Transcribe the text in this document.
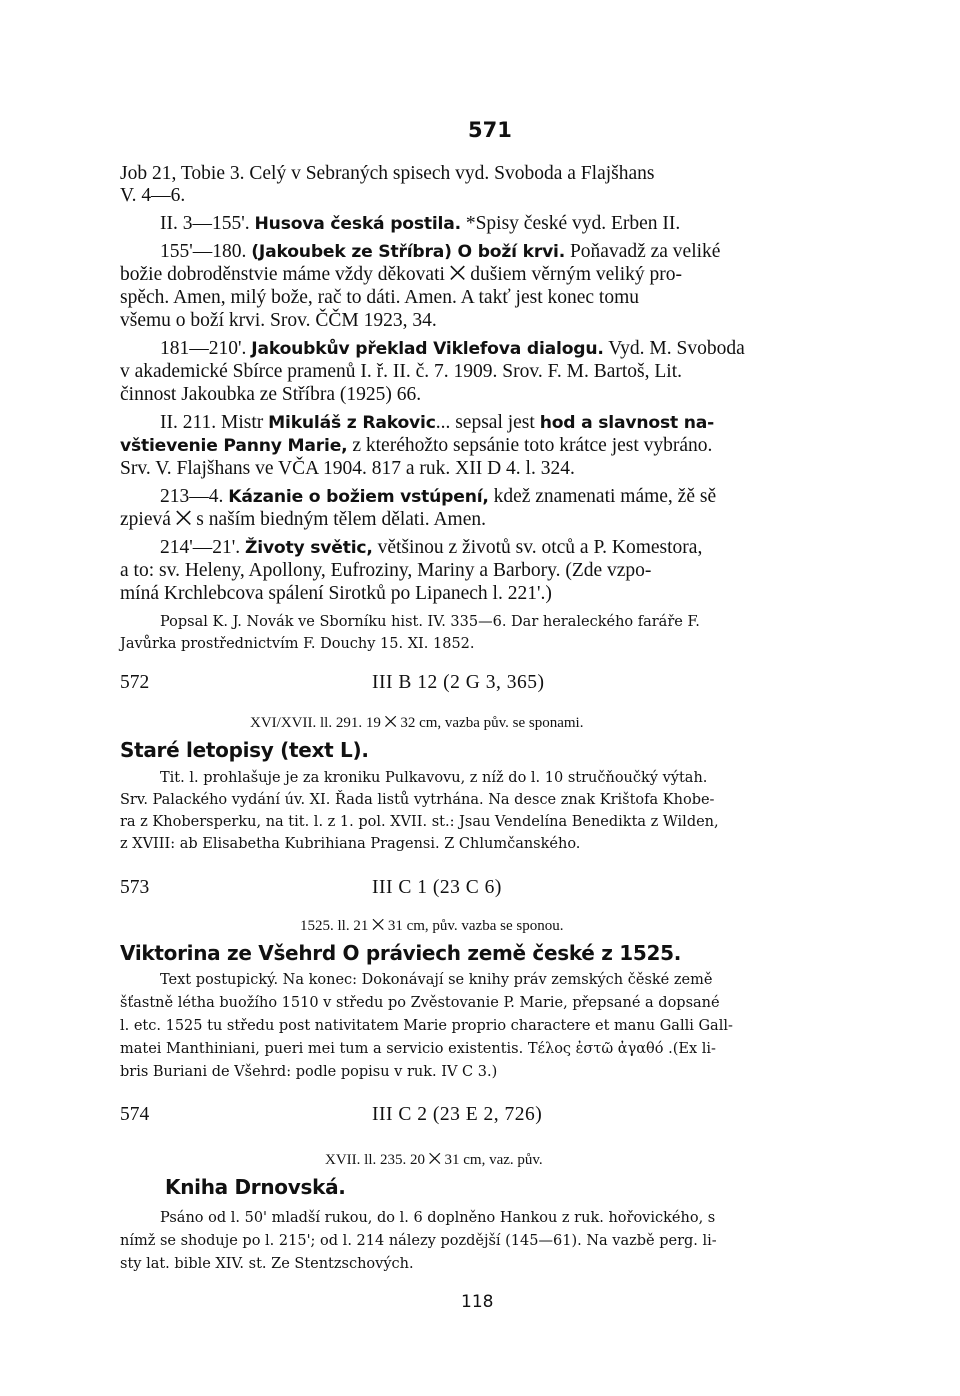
571
Job 21, Tobie 3. Celý v Sebraných spisech vyd. Svoboda a Flajšhans
V. 4—6.
II. 3—155'. Husova česká postila. *Spisy české vyd. Erben II.
155'—180. (Jakoubek ze Stříbra) O boží krvi. Poňavadž za veliké
božie dobroděnstvie máme vždy děkovati ⨉ dušiem věrným veliký pro-
spěch. Amen, milý bože, rač to dáti. Amen. A takť jest konec tomu
všemu o boží krvi. Srov. ČČM 1923, 34.
181—210'. Jakoubkův překlad Viklefova dialogu. Vyd. M. Svoboda
v akademické Sbírce pramenů I. ř. II. č. 7. 1909. Srov. F. M. Bartoš, Lit.
činnost Jakoubka ze Stříbra (1925) 66.
II. 211. Mistr Mikuláš z Rakovic... sepsal jest hod a slavnost na-
vštievenie Panny Marie, z kteréhožto sepsánie toto krátce jest vybráno.
Srv. V. Flajšhans ve VČA 1904. 817 a ruk. XII D 4. l. 324.
213—4. Kázanie o božiem vstúpení, kdež znamenati máme, žě sě
zpievá ⨉ s naším biedným tělem dělati. Amen.
214'—21'. Životy světic, většinou z životů sv. otců a P. Komestora,
a to: sv. Heleny, Apollony, Eufroziny, Mariny a Barbory. (Zde vzpo-
míná Krchlebcova spálení Sirotků po Lipanech l. 221'.)
Popsal K. J. Novák ve Sborníku hist. IV. 335—6. Dar heraleckého faráře F.
Javůrka prostřednictvím F. Douchy 15. XI. 1852.
572	III B 12 (2 G 3, 365)
XVI/XVII. ll. 291. 19 ⨉ 32 cm, vazba pův. se sponami.
Staré letopisy (text L).
Tit. l. prohlašuje je za kroniku Pulkavovu, z níž do l. 10 stručňoučký výtah.
Srv. Palackého vydání úv. XI. Řada listů vytrhána. Na desce znak Krištofa Khobe-
ra z Khobersperku, na tit. l. z 1. pol. XVII. st.: Jsau Vendelína Benedikta z Wilden,
z XVIII: ab Elisabetha Kubrihiana Pragensi. Z Chlumčanského.
573	III C 1 (23 C 6)
1525. ll. 21 ⨉ 31 cm, pův. vazba se sponou.
Viktorina ze Všehrd O práviech země české z 1525.
Text postupický. Na konec: Dokonávají se knihy práv zemských čěské země
šťastně létha buožího 1510 v středu po Zvěstovanie P. Marie, přepsané a dopsané
l. etc. 1525 tu středu post nativitatem Marie proprio charactere et manu Galli Gall-
matei Manthiniani, pueri mei tum a servicio existentis. Τέλος ἐστῶ ἀγαθό .(Ex li-
bris Buriani de Všehrd: podle popisu v ruk. IV C 3.)
574	III C 2 (23 E 2, 726)
XVII. ll. 235. 20 ⨉ 31 cm, vaz. pův.
Kniha Drnovská.
Psáno od l. 50' mladší rukou, do l. 6 doplněno Hankou z ruk. hořovického, s
nímž se shoduje po l. 215'; od l. 214 nálezy pozdější (145—61). Na vazbě perg. li-
sty lat. bible XIV. st. Ze Stentzschových.
118
